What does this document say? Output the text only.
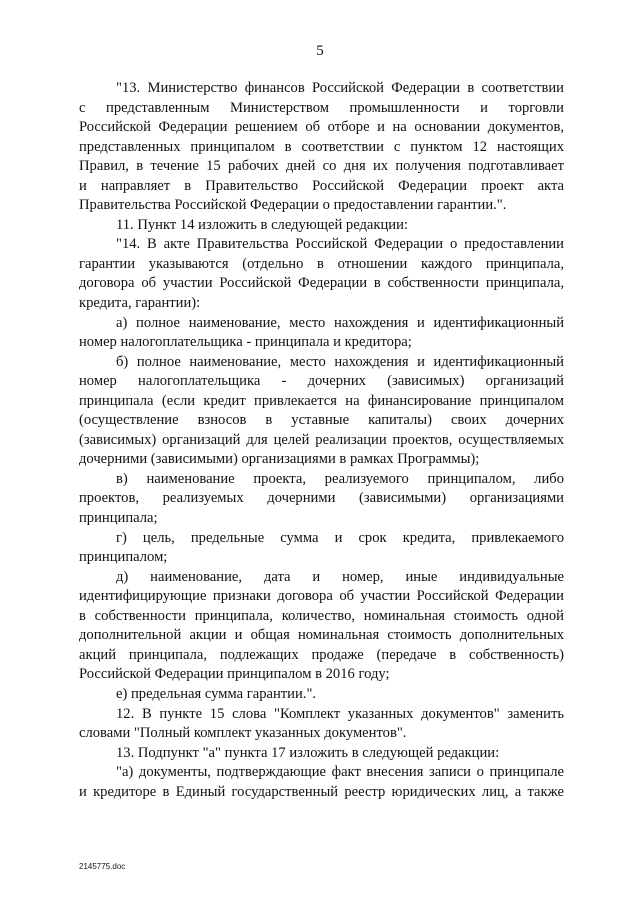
5

"13. Министерство финансов Российской Федерации в соответствии

с представленным Министерством промышленности и торговли

Российской Федерации решением об отборе и на основании документов,

представленных принципалом в соответствии с пунктом 12 настоящих

Правил, в течение 15 рабочих дней со дня их получения подготавливает

и направляет в Правительство Российской Федерации проект акта

Правительства Российской Федерации о предоставлении гарантии.".

11. Пункт 14 изложить в следующей редакции:

"14. В акте Правительства Российской Федерации о предоставлении

гарантии указываются (отдельно в отношении каждого принципала,

договора об участии Российской Федерации в собственности принципала,

кредита, гарантии):

а) полное наименование, место нахождения и идентификационный

номер налогоплательщика - принципала и кредитора;

б) полное наименование, место нахождения и идентификационный

номер налогоплательщика - дочерних (зависимых) организаций

принципала (если кредит привлекается на финансирование принципалом

(осуществление взносов в уставные капиталы) своих дочерних

(зависимых) организаций для целей реализации проектов, осуществляемых

дочерними (зависимыми) организациями в рамках Программы);

в) наименование проекта, реализуемого принципалом, либо

проектов, реализуемых дочерними (зависимыми) организациями

принципала;

г) цель, предельные сумма и срок кредита, привлекаемого

принципалом;

д) наименование, дата и номер, иные индивидуальные

идентифицирующие признаки договора об участии Российской Федерации

в собственности принципала, количество, номинальная стоимость одной

дополнительной акции и общая номинальная стоимость дополнительных

акций принципала, подлежащих продаже (передаче в собственность)

Российской Федерации принципалом в 2016 году;

е) предельная сумма гарантии.".

12. В пункте 15 слова "Комплект указанных документов" заменить

словами "Полный комплект указанных документов".

13. Подпункт "а" пункта 17 изложить в следующей редакции:

"а) документы, подтверждающие факт внесения записи о принципале

и кредиторе в Единый государственный реестр юридических лиц, а также

2145775.doc
